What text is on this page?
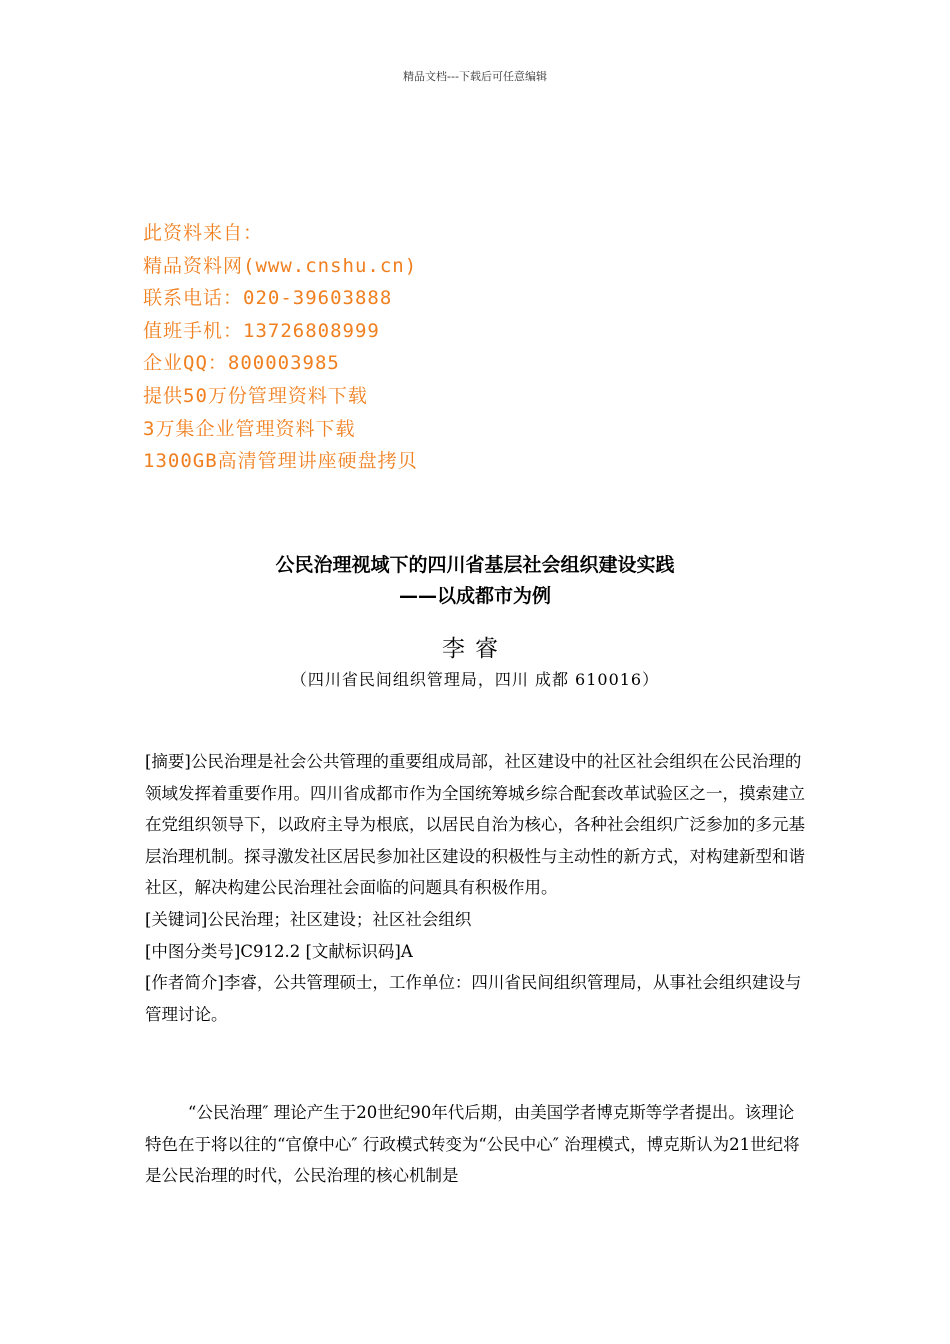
精品文档---下载后可任意编辑
此资料来自：
精品资料网(www.cnshu.cn)
联系电话：020-39603888
值班手机：13726808999
企业QQ：800003985
提供50万份管理资料下载
3万集企业管理资料下载
1300GB高清管理讲座硬盘拷贝
公民治理视域下的四川省基层社会组织建设实践
——以成都市为例
李睿
（四川省民间组织管理局，四川 成都 610016）

[摘要]公民治理是社会公共管理的重要组成局部，社区建设中的社区社会组织在公民治理的领域发挥着重要作用。四川省成都市作为全国统筹城乡综合配套改革试验区之一，摸索建立在党组织领导下，以政府主导为根底，以居民自治为核心，各种社会组织广泛参加的多元基层治理机制。探寻激发社区居民参加社区建设的积极性与主动性的新方式，对构建新型和谐社区，解决构建公民治理社会面临的问题具有积极作用。

[关键词]公民治理；社区建设；社区社会组织

[中图分类号]C912.2 [文献标识码]A

[作者简介]李睿，公共管理硕士，工作单位：四川省民间组织管理局，从事社会组织建设与管理讨论。

“公民治理″ 理论产生于20世纪90年代后期，由美国学者博克斯等学者提出。该理论特色在于将以往的“官僚中心″ 行政模式转变为“公民中心″ 治理模式，博克斯认为21世纪将是公民治理的时代，公民治理的核心机制是
